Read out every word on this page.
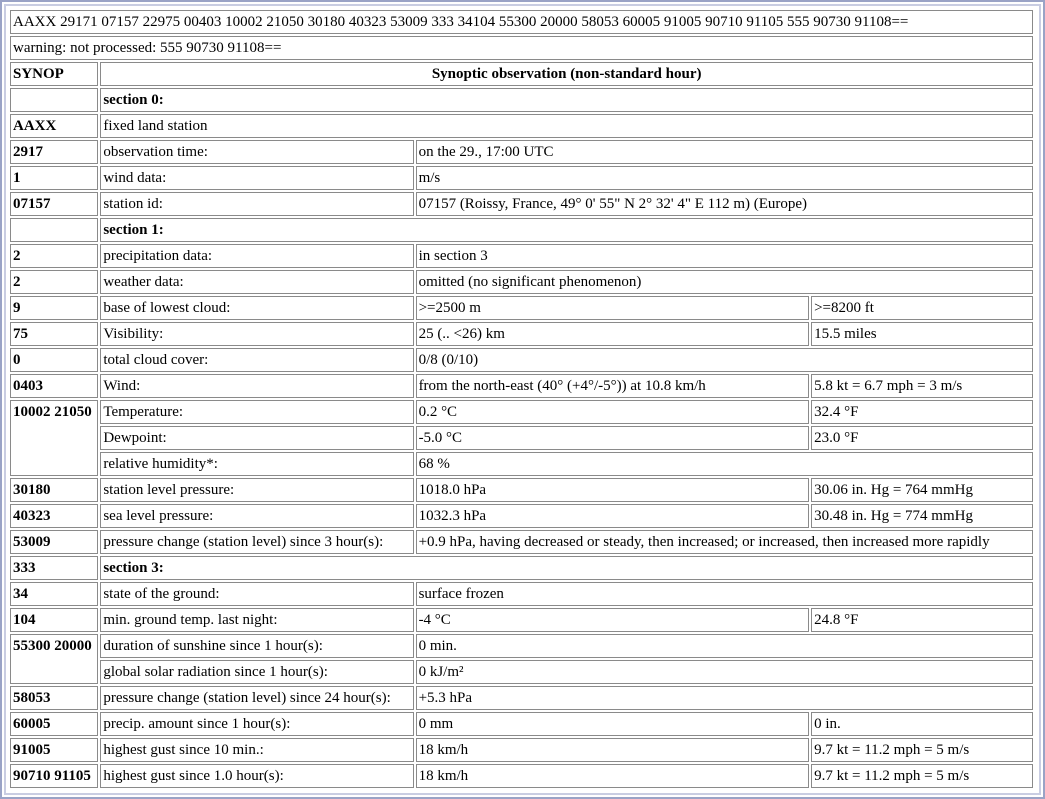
AAXX 29171 07157 22975 00403 10002 21050 30180 40323 53009 333 34104 55300 20000 58053 60005 91005 90710 91105 555 90730 91108==			
warning: not processed: 555 90730 91108==			
SYNOP	Synoptic observation (non-standard hour)		
	section 0:		
AAXX	fixed land station		
2917	observation time:	on the 29., 17:00 UTC	
1	wind data:	m/s	
07157	station id:	07157 (Roissy, France, 49° 0' 55" N 2° 32' 4" E 112 m) (Europe)	
	section 1:		
2	precipitation data:	in section 3	
2	weather data:	omitted (no significant phenomenon)	
9	base of lowest cloud:	>=2500 m	>=8200 ft
75	Visibility:	25 (.. <26) km	15.5 miles
0	total cloud cover:	0/8 (0/10)	
0403	Wind:	from the north-east (40° (+4°/-5°)) at 10.8 km/h	5.8 kt = 6.7 mph = 3 m/s
10002 21050	Temperature:	0.2 °C	32.4 °F
	Dewpoint:	-5.0 °C	23.0 °F
	relative humidity*:	68 %	
30180	station level pressure:	1018.0 hPa	30.06 in. Hg = 764 mmHg
40323	sea level pressure:	1032.3 hPa	30.48 in. Hg = 774 mmHg
53009	pressure change (station level) since 3 hour(s):	+0.9 hPa, having decreased or steady, then increased; or increased, then increased more rapidly	
333	section 3:		
34	state of the ground:	surface frozen	
104	min. ground temp. last night:	-4 °C	24.8 °F
55300 20000	duration of sunshine since 1 hour(s):	0 min.	
	global solar radiation since 1 hour(s):	0 kJ/m²	
58053	pressure change (station level) since 24 hour(s):	+5.3 hPa	
60005	precip. amount since 1 hour(s):	0 mm	0 in.
91005	highest gust since 10 min.:	18 km/h	9.7 kt = 11.2 mph = 5 m/s
90710 91105	highest gust since 1.0 hour(s):	18 km/h	9.7 kt = 11.2 mph = 5 m/s
